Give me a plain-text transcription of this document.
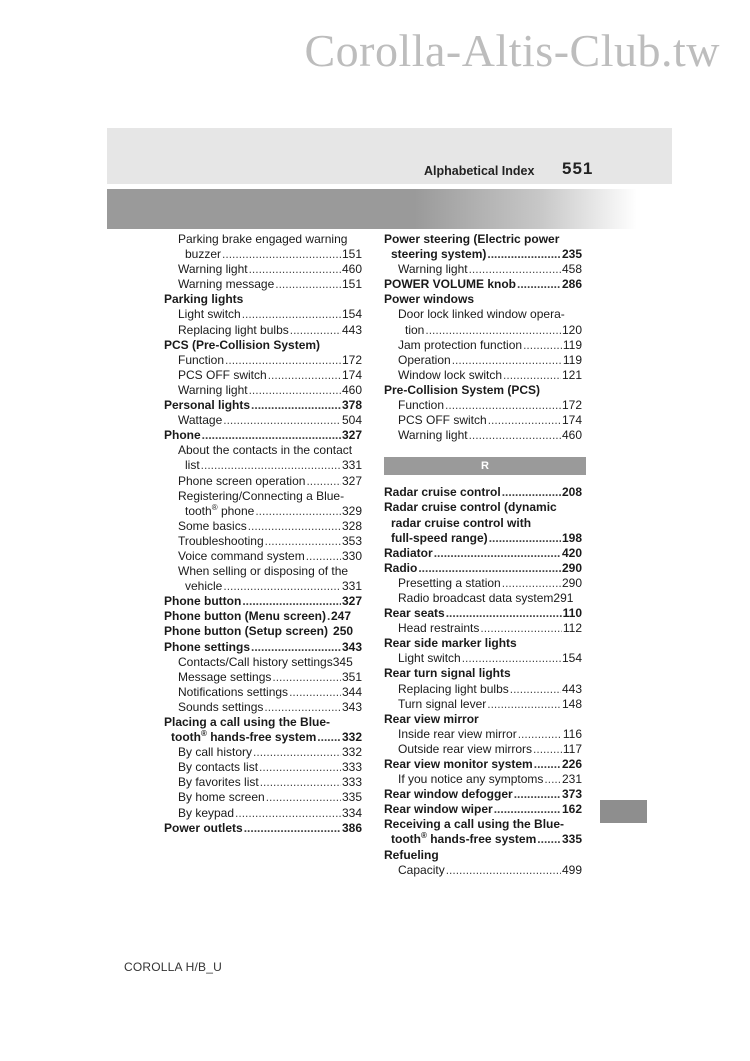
Corolla-Altis-Club.tw
Alphabetical Index 551
Parking brake engaged warning
buzzer .....	151
Warning light .....	460
Warning message .....	151
Parking lights
Light switch .....	154
Replacing light bulbs .....	443
PCS (Pre-Collision System)
Function .....	172
PCS OFF switch .....	174
Warning light .....	460
Personal lights .....	378
Wattage .....	504
Phone .....	327
About the contacts in the contact
list .....	331
Phone screen operation .....	327
Registering/Connecting a Blue-
tooth® phone .....	329
Some basics .....	328
Troubleshooting .....	353
Voice command system .....	330
When selling or disposing of the
vehicle .....	331
Phone button .....	327
Phone button (Menu screen) ..... 247
Phone button (Setup screen) 250
Phone settings .....	343
Contacts/Call history settings 345
Message settings .....	351
Notifications settings .....	344
Sounds settings .....	343
Placing a call using the Blue-
tooth® hands-free system ..... 332
By call history .....	332
By contacts list .....	333
By favorites list .....	333
By home screen .....	335
By keypad .....	334
Power outlets .....	386
Power steering (Electric power
steering system) .....	235
Warning light .....	458
POWER VOLUME knob .....	286
Power windows
Door lock linked window opera-
tion .....	120
Jam protection function .....	119
Operation .....	119
Window lock switch .....	121
Pre-Collision System (PCS)
Function .....	172
PCS OFF switch .....	174
Warning light .....	460
R
Radar cruise control .....	208
Radar cruise control (dynamic
radar cruise control with
full-speed range) .....	198
Radiator .....	420
Radio .....	290
Presetting a station .....	290
Radio broadcast data system 291
Rear seats .....	110
Head restraints .....	112
Rear side marker lights
Light switch .....	154
Rear turn signal lights
Replacing light bulbs .....	443
Turn signal lever .....	148
Rear view mirror
Inside rear view mirror .....	116
Outside rear view mirrors .....	117
Rear view monitor system ..... 226
If you notice any symptoms ..... 231
Rear window defogger .....	373
Rear window wiper .....	162
Receiving a call using the Blue-
tooth® hands-free system ..... 335
Refueling
Capacity .....	499
COROLLA H/B_U
